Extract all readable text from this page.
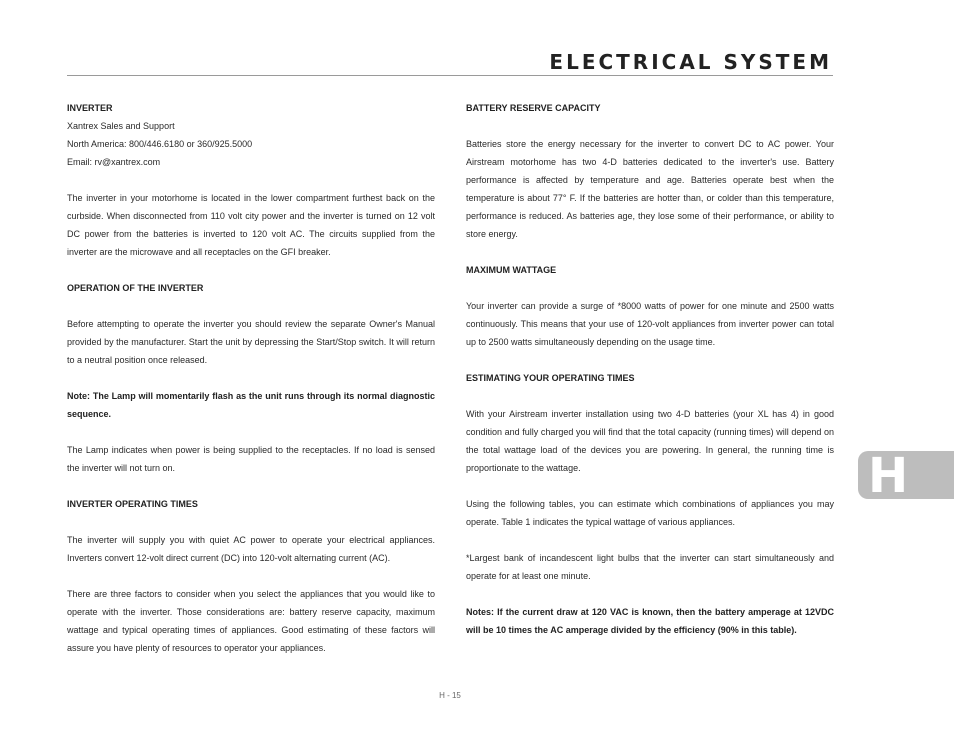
ELECTRICAL SYSTEM
INVERTER
Xantrex Sales and Support
North America: 800/446.6180 or 360/925.5000
Email: rv@xantrex.com
The inverter in your motorhome is located in the lower compartment furthest back on the curbside. When disconnected from 110 volt city power and the inverter is turned on 12 volt DC power from the batteries is inverted to 120 volt AC. The circuits supplied from the inverter are the microwave and all receptacles on the GFI breaker.
OPERATION OF THE INVERTER
Before attempting to operate the inverter you should review the separate Owner's Manual provided by the manufacturer. Start the unit by depressing the Start/Stop switch. It will return to a neutral position once released.
Note: The Lamp will momentarily flash as the unit runs through its normal diagnostic sequence.
The Lamp indicates when power is being supplied to the receptacles. If no load is sensed the inverter will not turn on.
INVERTER OPERATING TIMES
The inverter will supply you with quiet AC power to operate your electrical appliances. Inverters convert 12-volt direct current (DC) into 120-volt alternating current (AC).
There are three factors to consider when you select the appliances that you would like to operate with the inverter. Those considerations are: battery reserve capacity, maximum wattage and typical operating times of appliances. Good estimating of these factors will assure you have plenty of resources to operator your appliances.
BATTERY RESERVE CAPACITY
Batteries store the energy necessary for the inverter to convert DC to AC power. Your Airstream motorhome has two 4-D batteries dedicated to the inverter's use. Battery performance is affected by temperature and age. Batteries operate best when the temperature is about 77° F. If the batteries are hotter than, or colder than this temperature, performance is reduced. As batteries age, they lose some of their performance, or ability to store energy.
MAXIMUM WATTAGE
Your inverter can provide a surge of *8000 watts of power for one minute and 2500 watts continuously. This means that your use of 120-volt appliances from inverter power can total up to 2500 watts simultaneously depending on the usage time.
ESTIMATING YOUR OPERATING TIMES
With your Airstream inverter installation using two 4-D batteries (your XL has 4) in good condition and fully charged you will find that the total capacity (running times) will depend on the total wattage load of the devices you are powering. In general, the running time is proportionate to the wattage.
Using the following tables, you can estimate which combinations of appliances you may operate. Table 1 indicates the typical wattage of various appliances.
*Largest bank of incandescent light bulbs that the inverter can start simultaneously and operate for at least one minute.
Notes: If the current draw at 120 VAC is known, then the battery amperage at 12VDC will be 10 times the AC amperage divided by the efficiency (90% in this table).
H
H - 15
